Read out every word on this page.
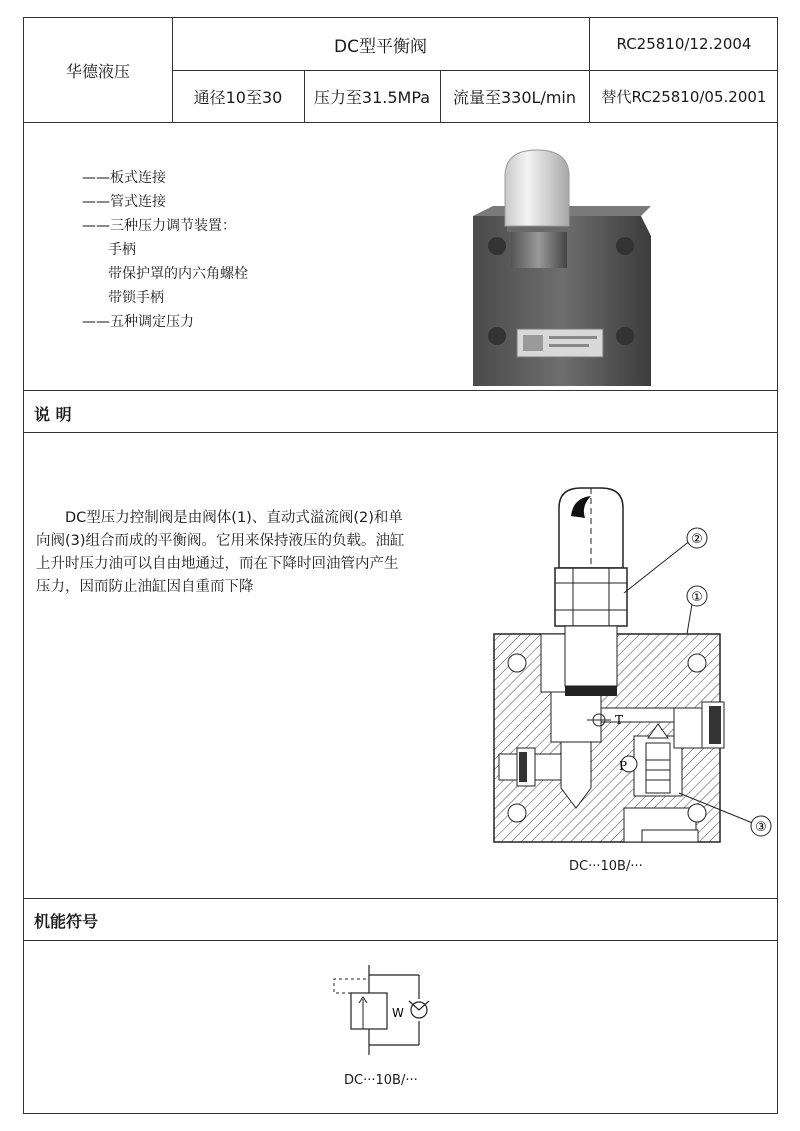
华德液压
DC型平衡阀	RC25810/12.2004
通径10至30	压力至31.5MPa	流量至330L/min	替代RC25810/05.2001
——板式连接
——管式连接
——三种压力调节装置：
手柄
带保护罩的内六角螺栓
带锁手柄
——五种调定压力
说 明
DC型压力控制阀是由阀体(1)、直动式溢流阀(2)和单向阀(3)组合而成的平衡阀。它用来保持液压的负载。油缸上升时压力油可以自由地通过，而在下降时回油管内产生压力，因而防止油缸因自重而下降
T
P
②
①
③
DC···10B/···
机能符号
W
DC···10B/···
